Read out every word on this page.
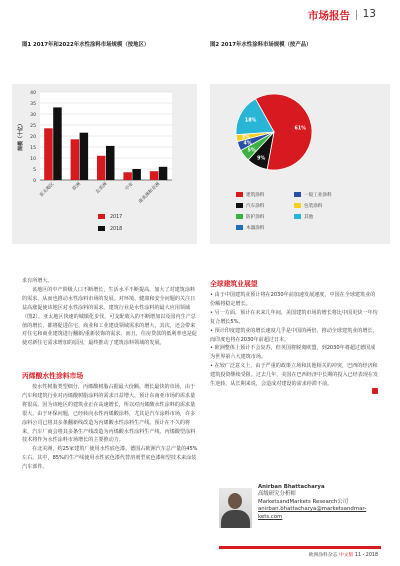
市场报告 13
图1 2017年和2022年水性涂料市场规模（按地区）	图2 2017年水性涂料市场规模（按产品）
0
5
10
15
20
25
30
35
40
规模（十亿）
亚太地区	欧洲	北美洲	中东 南美洲和非洲
2017
2018
61%
9%
5%
4%
3%
18%
建筑涂料	一般工业涂料
汽车涂料	包装涂料
防护涂料	其他
木器涂料

求有所增大。

该地区的中产阶级人口不断增长，生活水平不断提高，加大了对建筑涂料的需求，从而也推动水性涂料市场的发展。对环境、健康和安全问题的关注日益高涨促使该地区对水性涂料的需求。建筑行业是水性涂料的最大应用领域（图2）。亚太地区快速的城镇化步伐，可支配收入的不断增加以及国内生产总值的增长，都将促进住宅、商业和工业建设领域需求的增大，其次，还会带来对住宅和商业建筑进行翻新/重新装饰的需求。而且，住房贷款的低利率也是促使对新住宅需求增加的原因，最终推动了建筑涂料领域的发展。

丙烯酸水性涂料市场

按水性树脂类型细分，丙烯酸树脂占据最大份额。增长最快的市场，由于汽车和建筑行业对丙烯酸树脂涂料的需求日益增大，预计东南亚市场的需求量将很高。因为该地区的建筑业正在高速增长，所以对丙烯酸水性涂料的需求量很大，由于环保问题，已经转向水性丙烯酸涂料，尤其是汽车涂料市场，许多涂料公司已将其多条翻新线改造为丙烯酸水性涂料生产线。预计在不久的将来，汽车厂商会将其多条生产线改造为丙烯酸水性涂料生产线，丙烯酸型涂料技术将作为水性涂料市场增长的主要推动力。

在北美洲，约25家建筑厂使用水性底色漆，德国占欧洲汽车总产量的45%左右。其中，85%的生产线使用水性底色漆代替溶剂型底色漆和型技术来涂装汽车部件。

全球建筑业展望

• 由于中国建筑业预计将在2030年前加速发展速度，中国在全球建筑业的份额将稳定增长。

• 另一方面，预计在未来几年间，美国建筑市场的增长将比中国更快一年均复合增长5%。

• 预计印度建筑业的增长速度几乎是中国的两倍，推动全球建筑业的增长，而印度也将在2030年前超过日本。

• 欧洲整体上预计不会复苏，但英国将脱离欧盟，到2030年将超过德国成为世界第六大建筑市场。

• 在较广泛意义上，由于严重的政策立场和其他相关的冲突，巴西的经济和建筑投资继续受阻。过去几年，美国在巴西经济中长期的投入已经表现在发生逆转，从长期来说，会造成对建设的需求停滞不前。

Anirban Bhattacharya
高级研究分析师
MarketsandMarkets Research公司
anirban.bhattacharya@marketsandmar-
kets.com
欧洲涂料杂志 中文版 11・2018
